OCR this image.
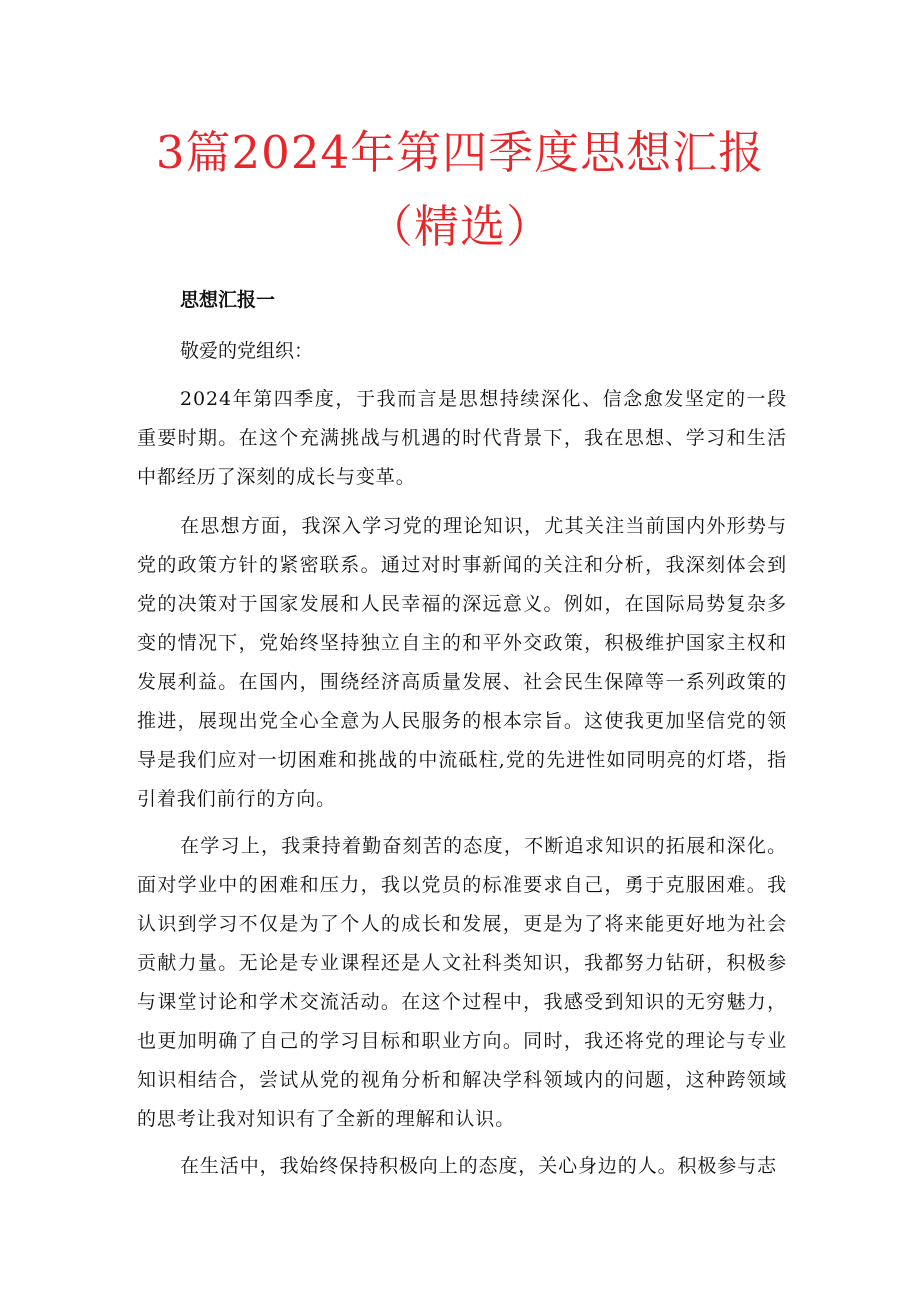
3篇2024年第四季度思想汇报
（精选）
思想汇报一
敬爱的党组织：
2024年第四季度，于我而言是思想持续深化、信念愈发坚定的一段重要时期。在这个充满挑战与机遇的时代背景下，我在思想、学习和生活中都经历了深刻的成长与变革。
在思想方面，我深入学习党的理论知识，尤其关注当前国内外形势与党的政策方针的紧密联系。通过对时事新闻的关注和分析，我深刻体会到党的决策对于国家发展和人民幸福的深远意义。例如，在国际局势复杂多变的情况下，党始终坚持独立自主的和平外交政策，积极维护国家主权和发展利益。在国内，围绕经济高质量发展、社会民生保障等一系列政策的推进，展现出党全心全意为人民服务的根本宗旨。这使我更加坚信党的领导是我们应对一切困难和挑战的中流砥柱,党的先进性如同明亮的灯塔，指引着我们前行的方向。
在学习上，我秉持着勤奋刻苦的态度，不断追求知识的拓展和深化。面对学业中的困难和压力，我以党员的标准要求自己，勇于克服困难。我认识到学习不仅是为了个人的成长和发展，更是为了将来能更好地为社会贡献力量。无论是专业课程还是人文社科类知识，我都努力钻研，积极参与课堂讨论和学术交流活动。在这个过程中，我感受到知识的无穷魅力，也更加明确了自己的学习目标和职业方向。同时，我还将党的理论与专业知识相结合，尝试从党的视角分析和解决学科领域内的问题，这种跨领域的思考让我对知识有了全新的理解和认识。
在生活中，我始终保持积极向上的态度，关心身边的人。积极参与志
